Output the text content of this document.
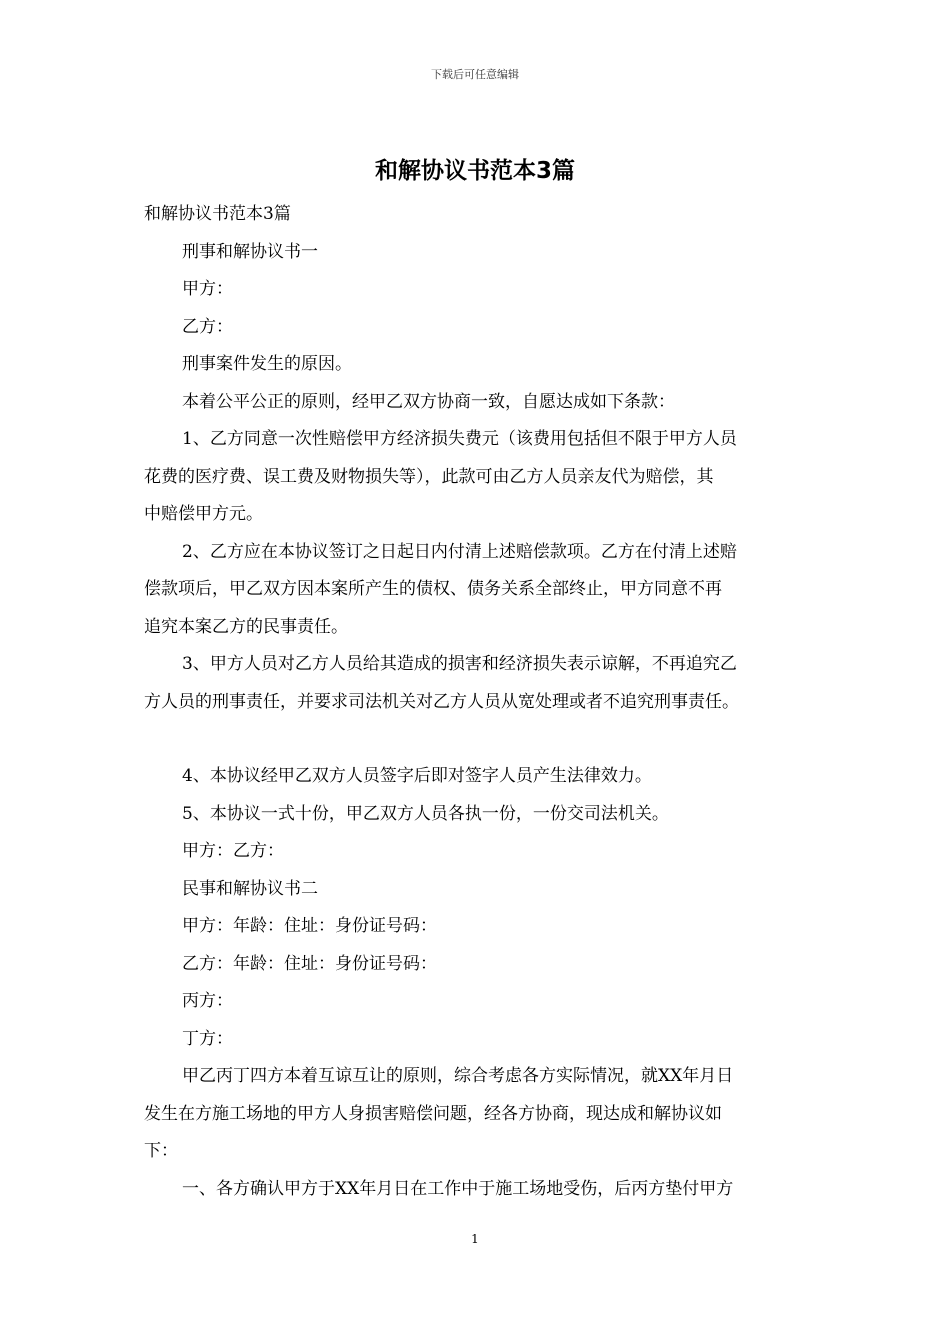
下载后可任意编辑
和解协议书范本3篇

和解协议书范本3篇

刑事和解协议书一

甲方：

乙方：

刑事案件发生的原因。

本着公平公正的原则，经甲乙双方协商一致，自愿达成如下条款：

1、乙方同意一次性赔偿甲方经济损失费元（该费用包括但不限于甲方人员

花费的医疗费、误工费及财物损失等），此款可由乙方人员亲友代为赔偿，其

中赔偿甲方元。

2、乙方应在本协议签订之日起日内付清上述赔偿款项。乙方在付清上述赔

偿款项后，甲乙双方因本案所产生的债权、债务关系全部终止，甲方同意不再

追究本案乙方的民事责任。

3、甲方人员对乙方人员给其造成的损害和经济损失表示谅解，不再追究乙

方人员的刑事责任，并要求司法机关对乙方人员从宽处理或者不追究刑事责任。

4、本协议经甲乙双方人员签字后即对签字人员产生法律效力。

5、本协议一式十份，甲乙双方人员各执一份，一份交司法机关。

甲方：乙方：

民事和解协议书二

甲方：年龄：住址：身份证号码：

乙方：年龄：住址：身份证号码：

丙方：

丁方：

甲乙丙丁四方本着互谅互让的原则，综合考虑各方实际情况，就XX年月日

发生在方施工场地的甲方人身损害赔偿问题，经各方协商，现达成和解协议如

下：

一、各方确认甲方于XX年月日在工作中于施工场地受伤，后丙方垫付甲方

1
